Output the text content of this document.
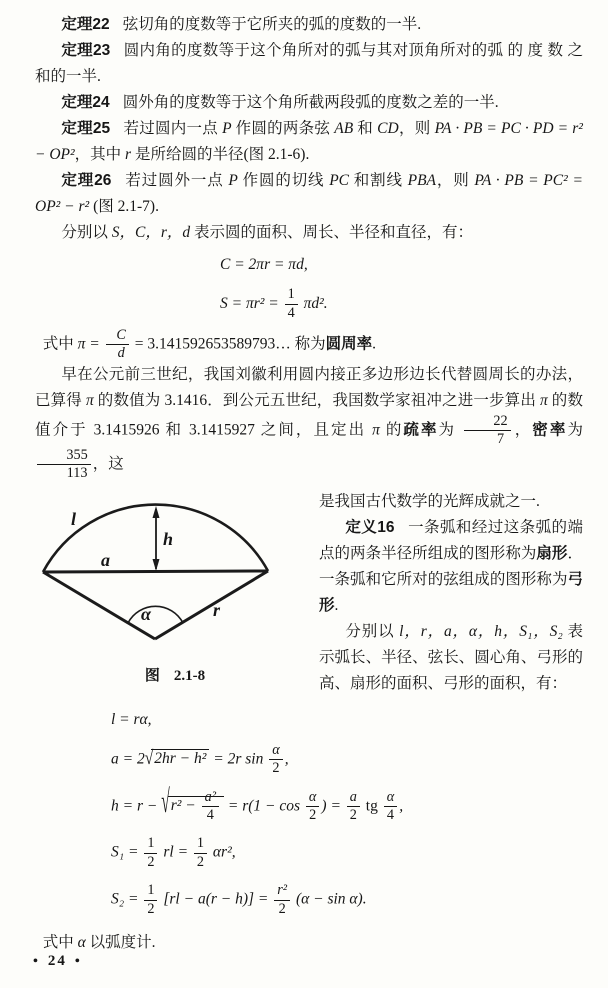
定理22 弦切角的度数等于它所夹的弧的度数的一半.

定理23 圆内角的度数等于这个角所对的弧与其对顶角所对的弧 的 度 数 之和的一半.

定理24 圆外角的度数等于这个角所截两段弧的度数之差的一半.

定理25 若过圆内一点 P 作圆的两条弦 AB 和 CD，则 PA · PB = PC · PD = r² − OP²，其中 r 是所给圆的半径(图 2.1-6).

定理26 若过圆外一点 P 作圆的切线 PC 和割线 PBA，则 PA · PB = PC² = OP² − r² (图 2.1-7).

分别以 S，C，r，d 表示圆的面积、周长、半径和直径，有：

C = 2πr = πd,
$S = \pi r^2 = \frac{1}{4} \pi d^2$.

式中 $\pi = \frac{C}{d}$ = 3.141592653589793… 称为圆周率.

早在公元前三世纪，我国刘徽利用圆内接正多边形边长代替圆周长的办法，已算得 π 的数值为 3.1416．到公元五世纪，我国数学家祖冲之进一步算出 π 的数值介于 3.1415926 和 3.1415927 之间，且定出 π 的疏率为 $\frac{22}{7}$ ，密率为
$\frac{355}{113}$ ，这

l
a
h
α	r
图 2.1-8

是我国古代数学的光辉成就之一.

定义16 一条弧和经过这条弧的端点的两条半径所组成的图形称为扇形．一条弧和它所对的弦组成的图形称为弓形.

分别以 l，r，a，α，h，S₁，S₂ 表示弧长、半径、弦长、圆心角、弓形的高、扇形的面积、弓形的面积，有：

l = rα,
a = 2√2hr − h² = 2r $\sin \frac{\alpha}{2}$ ,
$h = r - √r^2 - \frac{\text{a²}}{4} = r(1 - \cos \frac{\alpha}{2}$ ) = $\frac{a}{2}$ tg $\frac{\alpha}{4}$ ,
$S_1 = \frac{1}{2}$ rl = $\frac{1}{2} \alpha r^2$,
$S_2 = \frac{1}{2} [rl - a(r - h)] = \frac{\text{r²}}{2} (\alpha - \sin \alpha)$.

式中 α 以弧度计.

• 24 •
